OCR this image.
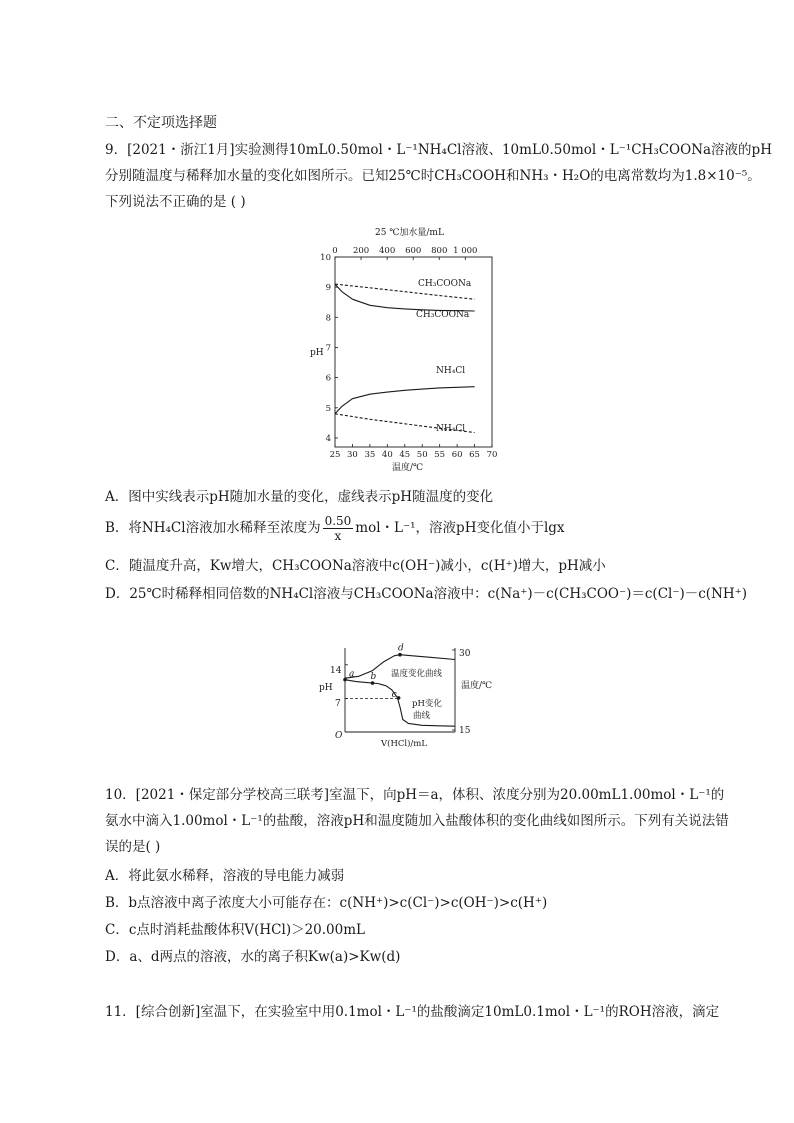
二、不定项选择题
9．[2021・浙江1月]实验测得10mL0.50mol・L⁻¹NH₄Cl溶液、10mL0.50mol・L⁻¹CH₃COONa溶液的pH
分别随温度与稀释加水量的变化如图所示。已知25℃时CH₃COOH和NH₃・H₂O的电离常数均为1.8×10⁻⁵。
下列说法不正确的是 ( )
25 ℃加水量/mL
0 200 400 600 800 1 000
25 30 35 40 45 50 55 60 65 70
4
5
6
7
8
9
10
pH
温度/℃
CH₃COONa
CH₃COONa
NH₄Cl
NH₄Cl
A．图中实线表示pH随加水量的变化，虚线表示pH随温度的变化
B．将NH₄Cl溶液加水稀释至浓度为 $\frac{0.50}{x}$ mol・L⁻¹，溶液pH变化值小于lgx
C．随温度升高，Kw增大，CH₃COONa溶液中c(OH⁻)减小，c(H⁺)增大，pH减小
D．25℃时稀释相同倍数的NH₄Cl溶液与CH₃COONa溶液中：c(Na⁺)－c(CH₃COO⁻)＝c(Cl⁻)－c(NH⁺)
a b
c
d
pH
14
7
O
V(HCl)/mL
30
15
温度/℃
温度变化曲线
pH变化
曲线
10．[2021・保定部分学校高三联考]室温下，向pH＝a，体积、浓度分别为20.00mL1.00mol・L⁻¹的
氨水中滴入1.00mol・L⁻¹的盐酸，溶液pH和温度随加入盐酸体积的变化曲线如图所示。下列有关说法错
误的是( )
A．将此氨水稀释，溶液的导电能力减弱
B．b点溶液中离子浓度大小可能存在：c(NH⁺)>c(Cl⁻)>c(OH⁻)>c(H⁺)
C．c点时消耗盐酸体积V(HCl)＞20.00mL
D．a、d两点的溶液，水的离子积Kw(a)>Kw(d)
11．[综合创新]室温下，在实验室中用0.1mol・L⁻¹的盐酸滴定10mL0.1mol・L⁻¹的ROH溶液，滴定
